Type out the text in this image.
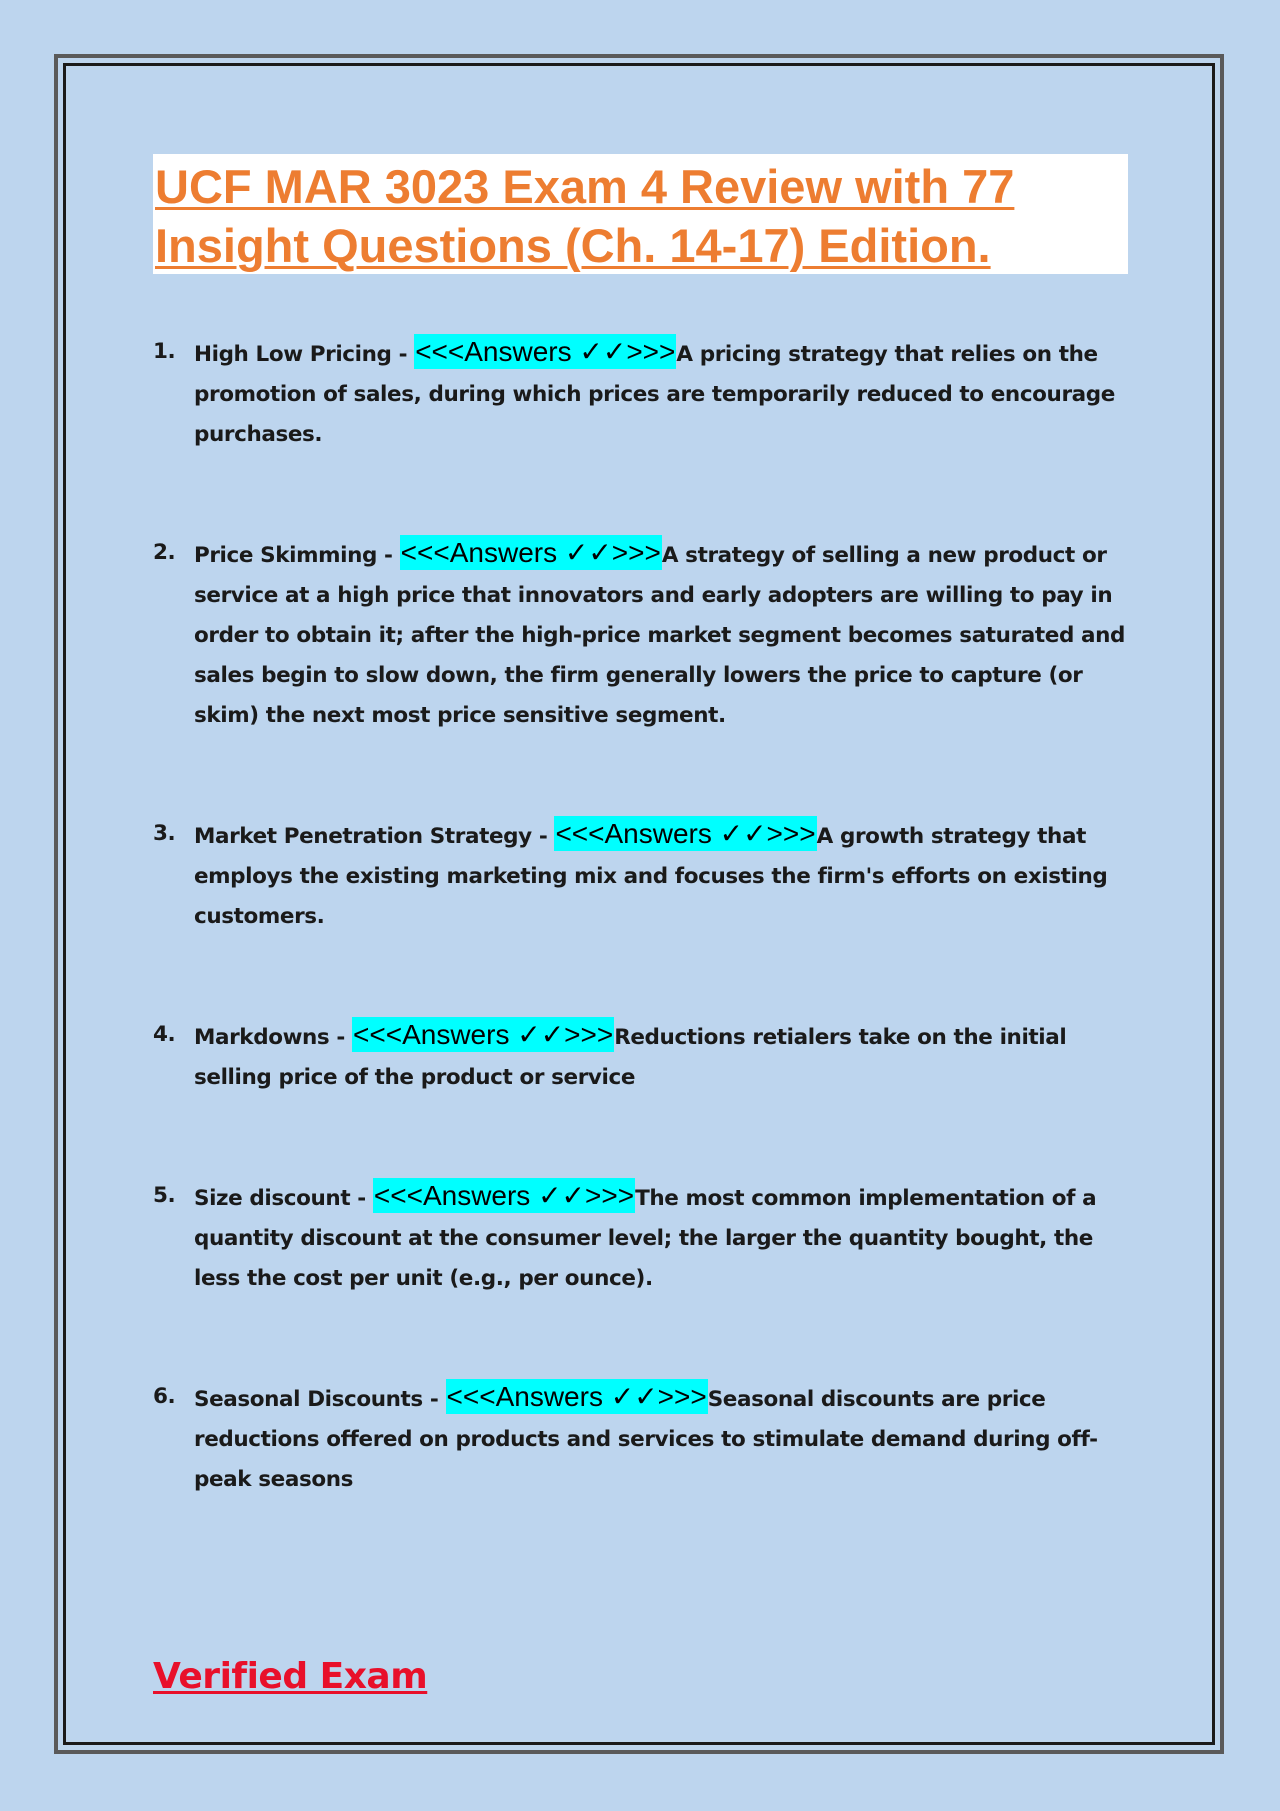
UCF MAR 3023 Exam 4 Review with 77 Insight Questions (Ch. 14-17) Edition.
1. High Low Pricing - <<<Answers ✓✓>>>A pricing strategy that relies on the promotion of sales, during which prices are temporarily reduced to encourage purchases.
2. Price Skimming - <<<Answers ✓✓>>>A strategy of selling a new product or service at a high price that innovators and early adopters are willing to pay in order to obtain it; after the high-price market segment becomes saturated and sales begin to slow down, the firm generally lowers the price to capture (or skim) the next most price sensitive segment.
3. Market Penetration Strategy - <<<Answers ✓✓>>>A growth strategy that employs the existing marketing mix and focuses the firm's efforts on existing customers.
4. Markdowns - <<<Answers ✓✓>>>Reductions retialers take on the initial selling price of the product or service
5. Size discount - <<<Answers ✓✓>>>The most common implementation of a quantity discount at the consumer level; the larger the quantity bought, the less the cost per unit (e.g., per ounce).
6. Seasonal Discounts - <<<Answers ✓✓>>>Seasonal discounts are price reductions offered on products and services to stimulate demand during off-peak seasons

Verified Exam
